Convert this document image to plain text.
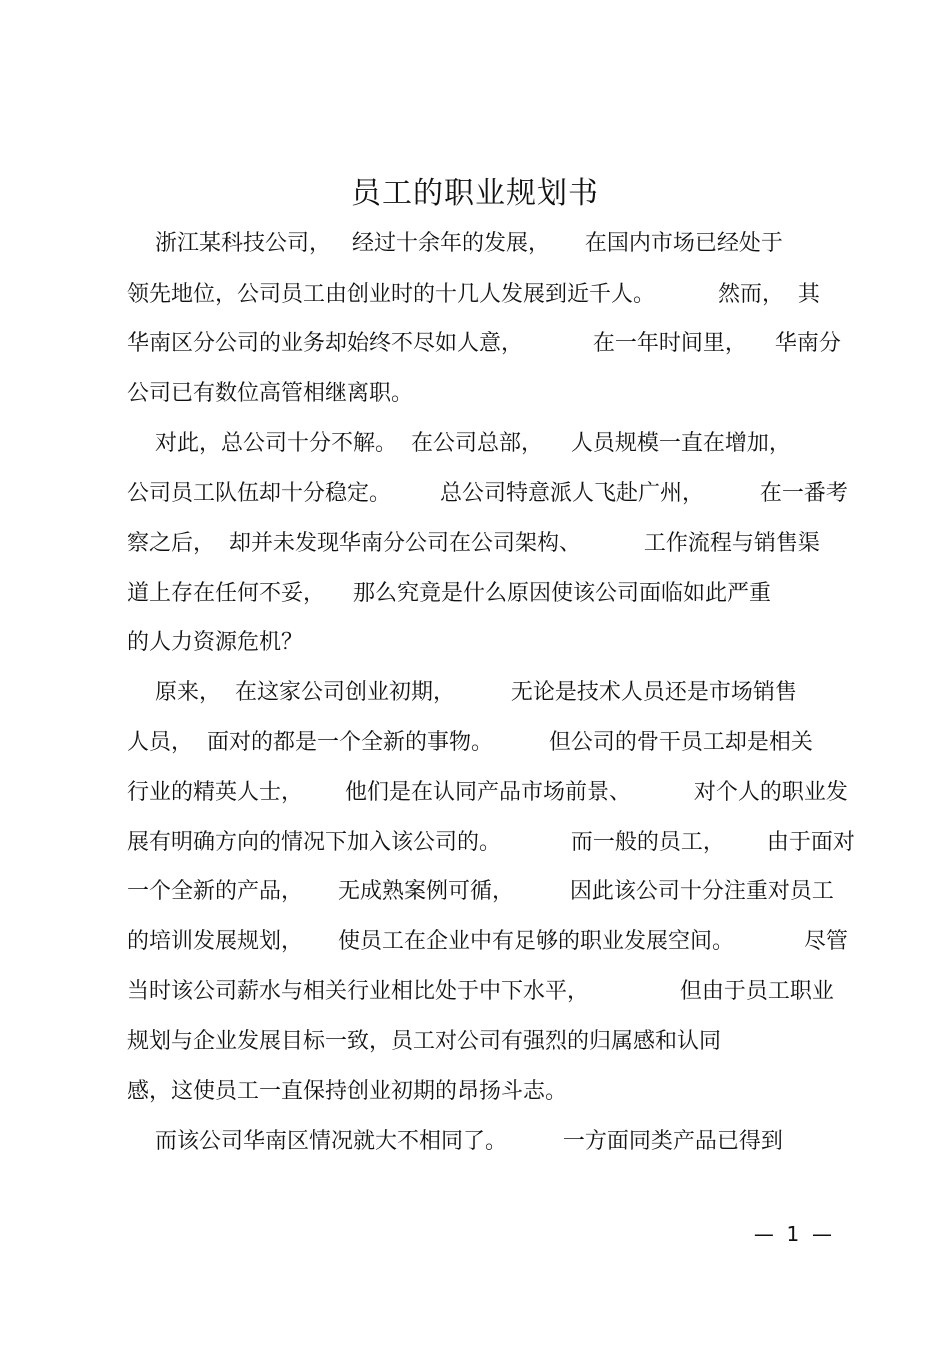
员工的职业规划书
浙江某科技公司，   经过十余年的发展，     在国内市场已经处于
领先地位，公司员工由创业时的十几人发展到近千人。         然而，  其
华南区分公司的业务却始终不尽如人意，          在一年时间里，    华南分
公司已有数位高管相继离职。
对此，总公司十分不解。  在公司总部，    人员规模一直在增加，
公司员工队伍却十分稳定。       总公司特意派人飞赴广州，        在一番考
察之后，  却并未发现华南分公司在公司架构、         工作流程与销售渠
道上存在任何不妥，    那么究竟是什么原因使该公司面临如此严重
的人力资源危机？
原来，  在这家公司创业初期，        无论是技术人员还是市场销售
人员，  面对的都是一个全新的事物。        但公司的骨干员工却是相关
行业的精英人士，      他们是在认同产品市场前景、         对个人的职业发
展有明确方向的情况下加入该公司的。          而一般的员工，      由于面对
一个全新的产品，     无成熟案例可循，        因此该公司十分注重对员工
的培训发展规划，     使员工在企业中有足够的职业发展空间。          尽管
当时该公司薪水与相关行业相比处于中下水平，             但由于员工职业
规划与企业发展目标一致，员工对公司有强烈的归属感和认同
感，这使员工一直保持创业初期的昂扬斗志。
而该公司华南区情况就大不相同了。        一方面同类产品已得到
—  1  —
